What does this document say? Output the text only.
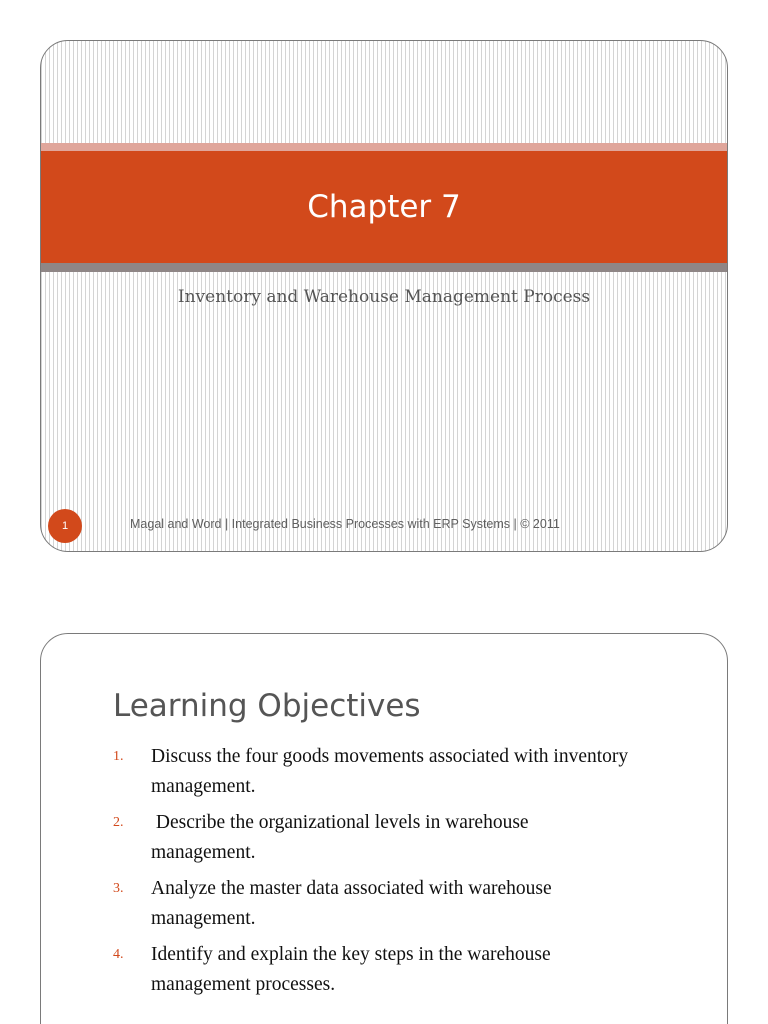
Chapter 7
Inventory and Warehouse Management Process
1	Magal and Word | Integrated Business Processes with ERP Systems | © 2011
Learning Objectives
1. Discuss the four goods movements associated with inventory management.
2. Describe the organizational levels in warehouse management.
3. Analyze the master data associated with warehouse management.
4. Identify and explain the key steps in the warehouse management processes.
